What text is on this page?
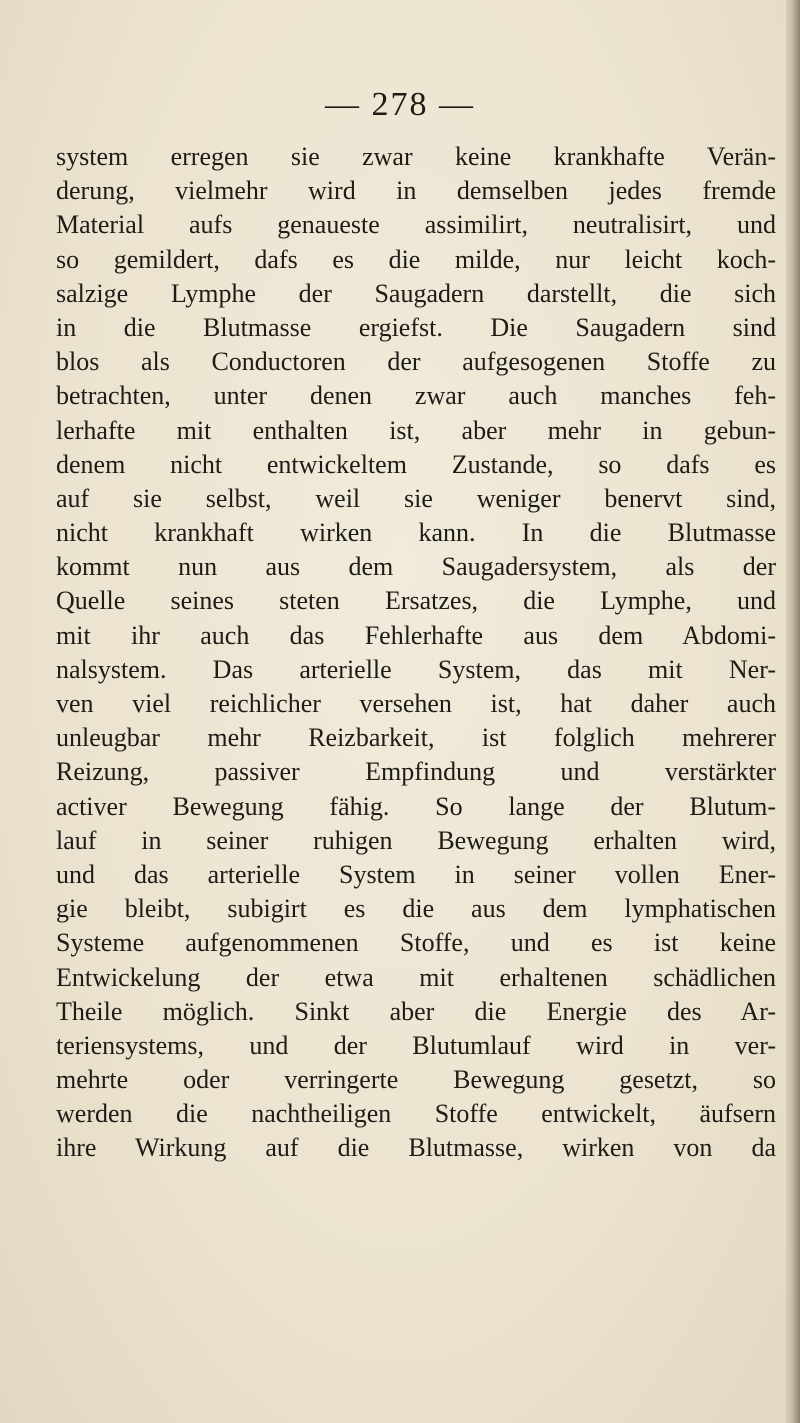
— 278 —
system erregen sie zwar keine krankhafte Verän-
derung, vielmehr wird in demselben jedes fremde
Material aufs genaueste assimilirt, neutralisirt, und
so gemildert, dafs es die milde, nur leicht koch-
salzige Lymphe der Saugadern darstellt, die sich
in die Blutmasse ergiefst. Die Saugadern sind
blos als Conductoren der aufgesogenen Stoffe zu
betrachten, unter denen zwar auch manches feh-
lerhafte mit enthalten ist, aber mehr in gebun-
denem nicht entwickeltem Zustande, so dafs es
auf sie selbst, weil sie weniger benervt sind,
nicht krankhaft wirken kann. In die Blutmasse
kommt nun aus dem Saugadersystem, als der
Quelle seines steten Ersatzes, die Lymphe, und
mit ihr auch das Fehlerhafte aus dem Abdomi-
nalsystem. Das arterielle System, das mit Ner-
ven viel reichlicher versehen ist, hat daher auch
unleugbar mehr Reizbarkeit, ist folglich mehrerer
Reizung, passiver Empfindung und verstärkter
activer Bewegung fähig. So lange der Blutum-
lauf in seiner ruhigen Bewegung erhalten wird,
und das arterielle System in seiner vollen Ener-
gie bleibt, subigirt es die aus dem lymphatischen
Systeme aufgenommenen Stoffe, und es ist keine
Entwickelung der etwa mit erhaltenen schädlichen
Theile möglich. Sinkt aber die Energie des Ar-
teriensystems, und der Blutumlauf wird in ver-
mehrte oder verringerte Bewegung gesetzt, so
werden die nachtheiligen Stoffe entwickelt, äufsern
ihre Wirkung auf die Blutmasse, wirken von da
